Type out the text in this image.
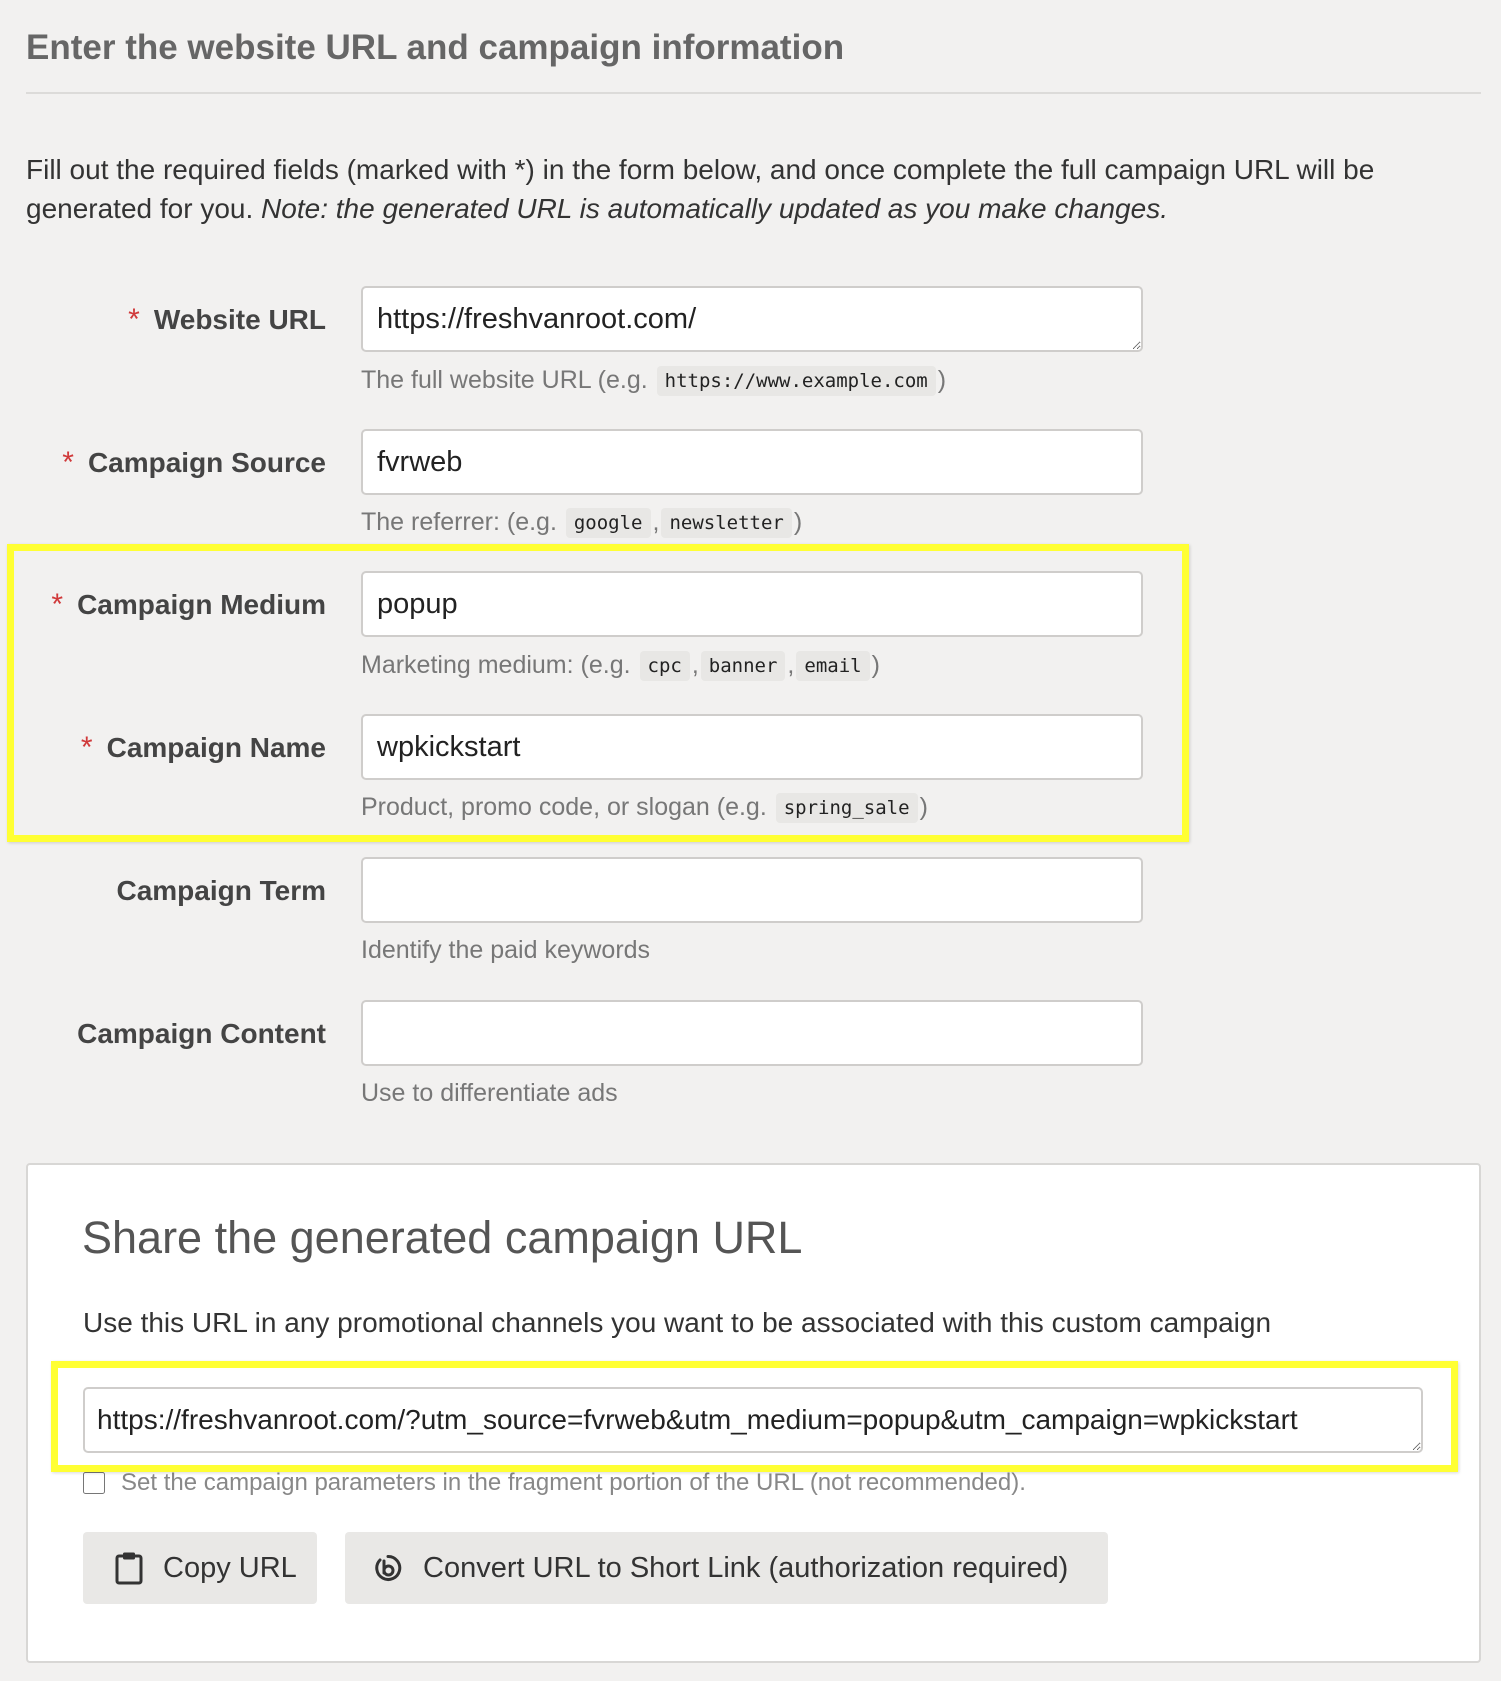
Enter the website URL and campaign information

Fill out the required fields (marked with *) in the form below, and once complete the full campaign URL will be generated for you. Note: the generated URL is automatically updated as you make changes.

* Website URL
https://freshvanroot.com/
The full website URL (e.g. https://www.example.com )
* Campaign Source
fvrweb
The referrer: (e.g. google , newsletter )
* Campaign Medium
popup
Marketing medium: (e.g. cpc , banner , email )
* Campaign Name
wpkickstart
Product, promo code, or slogan (e.g. spring_sale )
Campaign Term
Identify the paid keywords
Campaign Content
Use to differentiate ads
Share the generated campaign URL

Use this URL in any promotional channels you want to be associated with this custom campaign

https://freshvanroot.com/?utm_source=fvrweb&utm_medium=popup&utm_campaign=wpkickstart
Set the campaign parameters in the fragment portion of the URL (not recommended).
Copy URL	Convert URL to Short Link (authorization required)
